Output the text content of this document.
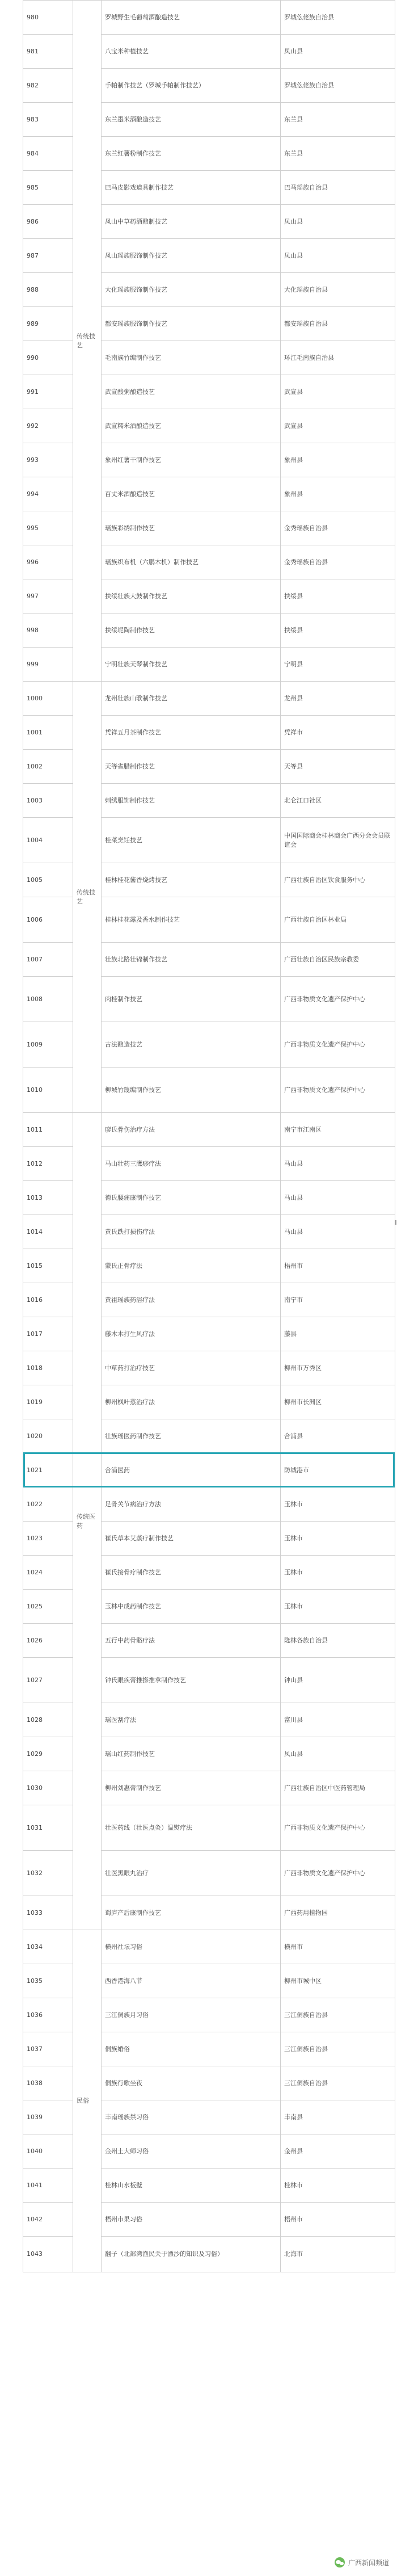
980	传统技艺	罗城野生毛葡萄酒酿造技艺	罗城仫佬族自治县
981		八宝米种植技艺	凤山县
982		手帕制作技艺（罗城手帕制作技艺）	罗城仫佬族自治县
983		东兰墨米酒酿造技艺	东兰县
984		东兰红薯粉制作技艺	东兰县
985		巴马皮影戏道具制作技艺	巴马瑶族自治县
986		凤山中草药酒酿制技艺	凤山县
987		凤山瑶族服饰制作技艺	凤山县
988		大化瑶族服饰制作技艺	大化瑶族自治县
989		都安瑶族服饰制作技艺	都安瑶族自治县
990		毛南族竹编制作技艺	环江毛南族自治县
991		武宣酸粥酿造技艺	武宣县
992		武宣糯米酒酿造技艺	武宣县
993		象州红薯干制作技艺	象州县
994		百丈米酒酿造技艺	象州县
995		瑶族彩绣制作技艺	金秀瑶族自治县
996		瑶族织布机（六鹏木机）制作技艺	金秀瑶族自治县
997		扶绥壮族大鼓制作技艺	扶绥县
998		扶绥坭陶制作技艺	扶绥县
999		宁明壮族天琴制作技艺	宁明县
1000	传统技艺	龙州壮族山歌制作技艺	龙州县
1001		凭祥五月茶制作技艺	凭祥市
1002		天等雀腊制作技艺	天等县
1003		刺绣服饰制作技艺	北仑江口社区
1004		桂菜烹饪技艺	中国国际商会桂林商会广西分会会员联谊会
1005		桂林桂花酱香烧烤技艺	广西壮族自治区饮食服务中心
1006		桂林桂花露及香水制作技艺	广西壮族自治区林业局
1007		壮族北路壮锦制作技艺	广西壮族自治区民族宗教委
1008		肉桂制作技艺	广西非物质文化遗产保护中心
1009		古法酿造技艺	广西非物质文化遗产保护中心
1010		柳城竹篾编制作技艺	广西非物质文化遗产保护中心
1011	传统医药	廖氏骨伤治疗方法	南宁市江南区
1012		马山壮药三鹰痧疗法	马山县
1013		德氏腰痛康制作技艺	马山县
1014		黄氏跌打损伤疗法	马山县
1015		蒙氏正骨疗法	梧州市
1016		黄祖瑶族药浴疗法	南宁市
1017		藤木木打生风疗法	藤县
1018		中草药打治疗技艺	柳州市万秀区
1019		柳州枫叶蒸治疗法	柳州市长洲区
1020		壮族瑶医药制作技艺	合浦县
1021		合浦医药	防城港市
1022		足骨关节病治疗方法	玉林市
1023		崔氏草本艾蒸疗制作技艺	玉林市
1024		崔氏接骨疗制作技艺	玉林市
1025		玉林中成药制作技艺	玉林市
1026		五行中药骨骼疗法	隆林各族自治县
1027		钟氏眼疾膏推搽推拿制作技艺	钟山县
1028		瑶医刮疗法	富川县
1029		瑶山红药制作技艺	凤山县
1030		柳州刘惠膏制作技艺	广西壮族自治区中医药管理局
1031		壮医药线（壮医点灸）温熨疗法	广西非物质文化遗产保护中心
1032		壮医黑眼丸治疗	广西非物质文化遗产保护中心
1033		蜀庐产后康制作技艺	广西药用植物园
1034	民俗	横州社坛习俗	横州市
1035		西香港海八节	柳州市城中区
1036		三江侗族月习俗	三江侗族自治县
1037		侗族婚俗	三江侗族自治县
1038		侗族行歌坐夜	三江侗族自治县
1039		丰南瑶族禁习俗	丰南县
1040		金州土大师习俗	金州县
1041		桂林山水板壁	桂林市
1042		梧州市果习俗	梧州市
1043		翻子（北部湾渔民关于漂沙的知识及习俗）	北海市
广西新闻频道
